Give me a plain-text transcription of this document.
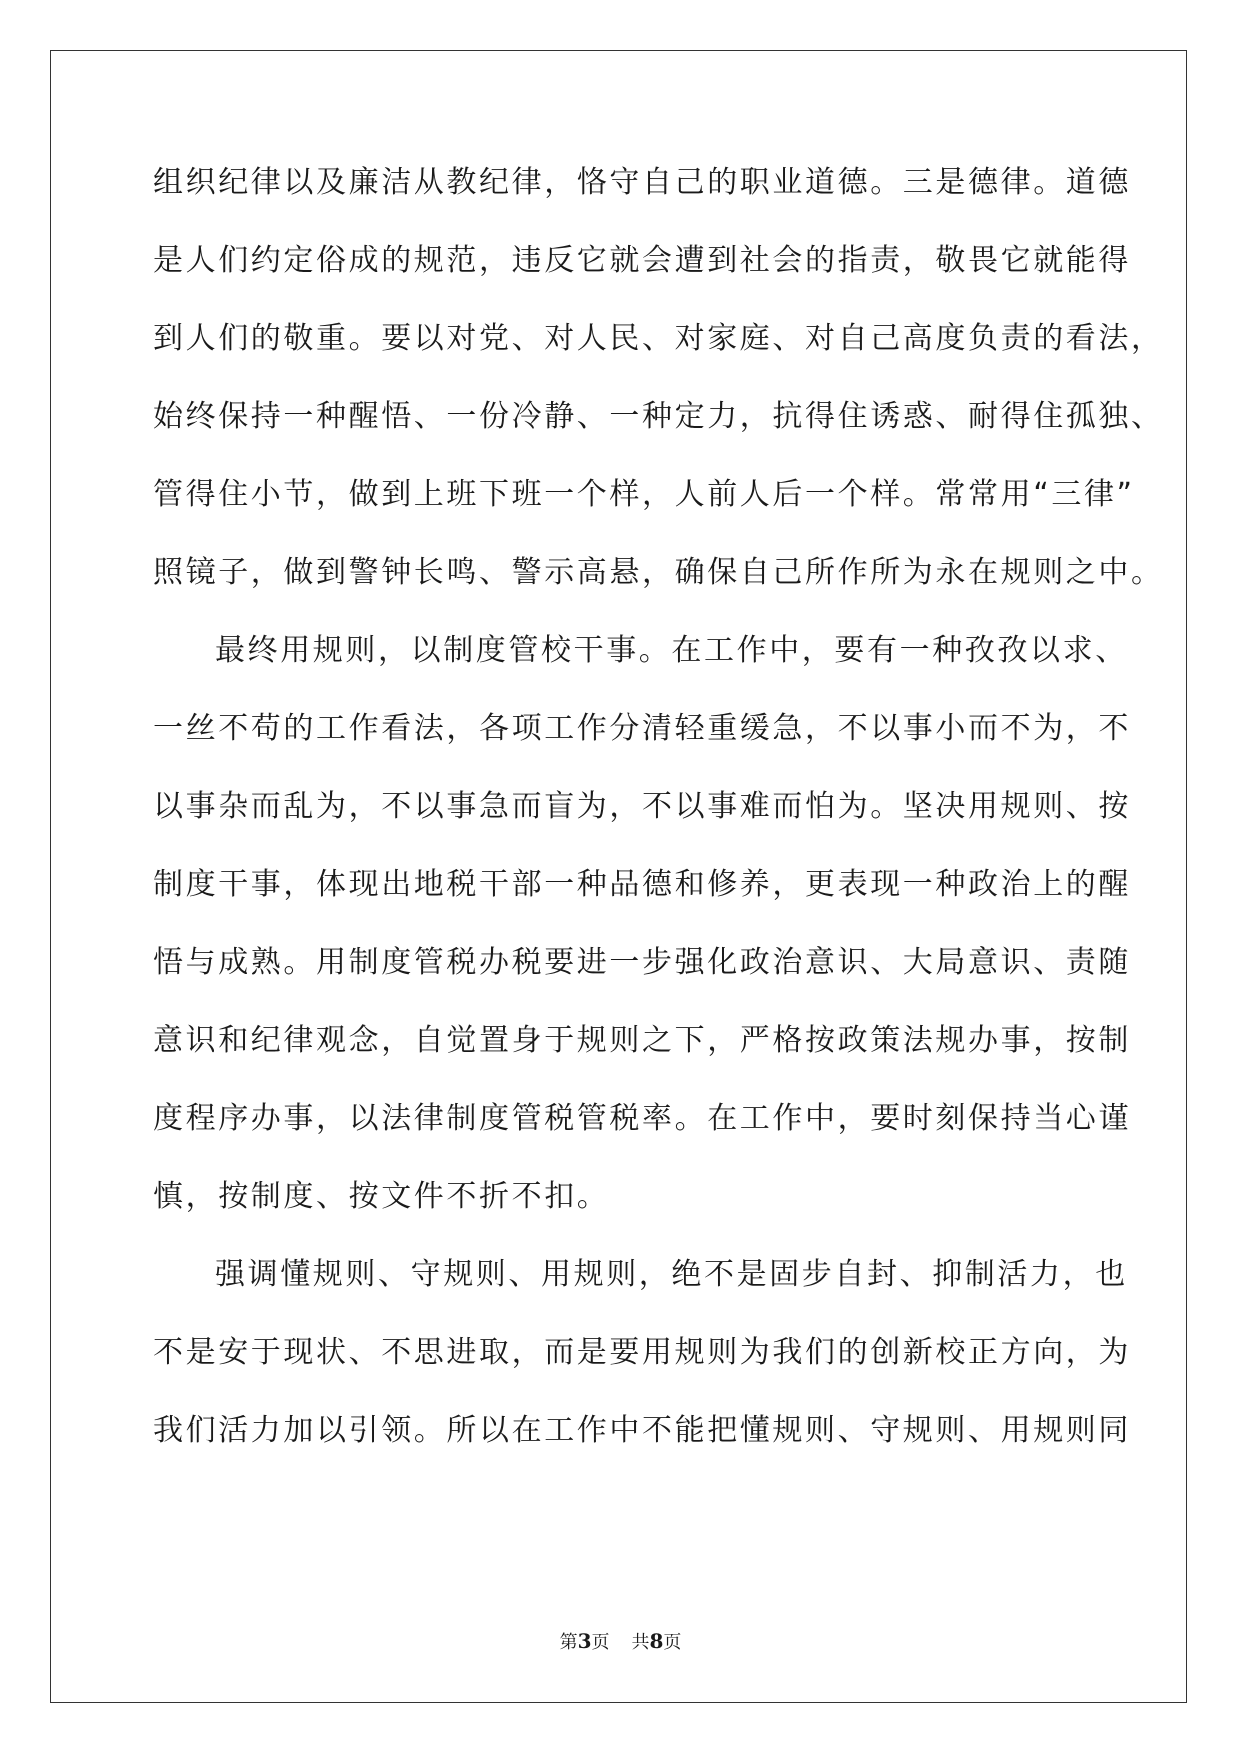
组织纪律以及廉洁从教纪律，恪守自己的职业道德。三是德律。道德
是人们约定俗成的规范，违反它就会遭到社会的指责，敬畏它就能得
到人们的敬重。要以对党、对人民、对家庭、对自己高度负责的看法，
始终保持一种醒悟、一份冷静、一种定力，抗得住诱惑、耐得住孤独、
管得住小节，做到上班下班一个样，人前人后一个样。常常用“三律”
照镜子，做到警钟长鸣、警示高悬，确保自己所作所为永在规则之中。
最终用规则，以制度管校干事。在工作中，要有一种孜孜以求、
一丝不苟的工作看法，各项工作分清轻重缓急，不以事小而不为，不
以事杂而乱为，不以事急而盲为，不以事难而怕为。坚决用规则、按
制度干事，体现出地税干部一种品德和修养，更表现一种政治上的醒
悟与成熟。用制度管税办税要进一步强化政治意识、大局意识、责随
意识和纪律观念，自觉置身于规则之下，严格按政策法规办事，按制
度程序办事，以法律制度管税管税率。在工作中，要时刻保持当心谨
慎，按制度、按文件不折不扣。
强调懂规则、守规则、用规则，绝不是固步自封、抑制活力，也
不是安于现状、不思进取，而是要用规则为我们的创新校正方向，为
我们活力加以引领。所以在工作中不能把懂规则、守规则、用规则同
第3页 共8页
